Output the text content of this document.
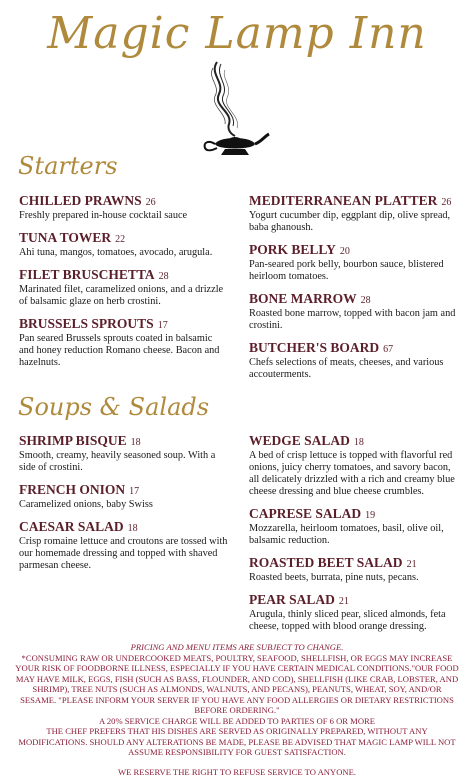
Magic Lamp Inn
Starters
CHILLED PRAWNS 26
Freshly prepared in-house cocktail sauce
TUNA TOWER 22
Ahi tuna, mangos, tomatoes, avocado, arugula.
FILET BRUSCHETTA 28
Marinated filet, caramelized onions, and a drizzle of balsamic glaze on herb crostini.
BRUSSELS SPROUTS 17
Pan seared Brussels sprouts coated in balsamic and honey reduction Romano cheese. Bacon and hazelnuts.
MEDITERRANEAN PLATTER 26
Yogurt cucumber dip, eggplant dip, olive spread, baba ghanoush.
PORK BELLY 20
Pan-seared pork belly, bourbon sauce, blistered heirloom tomatoes.
BONE MARROW 28
Roasted bone marrow, topped with bacon jam and crostini.
BUTCHER'S BOARD 67
Chefs selections of meats, cheeses, and various accouterments.
Soups & Salads
SHRIMP BISQUE 18
Smooth, creamy, heavily seasoned soup. With a side of crostini.
FRENCH ONION 17
Caramelized onions, baby Swiss
CAESAR SALAD 18
Crisp romaine lettuce and croutons are tossed with our homemade dressing and topped with shaved parmesan cheese.
WEDGE SALAD 18
A bed of crisp lettuce is topped with flavorful red onions, juicy cherry tomatoes, and savory bacon, all delicately drizzled with a rich and creamy blue cheese dressing and blue cheese crumbles.
CAPRESE SALAD 19
Mozzarella, heirloom tomatoes, basil, olive oil, balsamic reduction.
ROASTED BEET SALAD 21
Roasted beets, burrata, pine nuts, pecans.
PEAR SALAD 21
Arugula, thinly sliced pear, sliced almonds, feta cheese, topped with blood orange dressing.

PRICING AND MENU ITEMS ARE SUBJECT TO CHANGE.

*CONSUMING RAW OR UNDERCOOKED MEATS, POULTRY, SEAFOOD, SHELLFISH, OR EGGS MAY INCREASE YOUR RISK OF FOODBORNE ILLNESS, ESPECIALLY IF YOU HAVE CERTAIN MEDICAL CONDITIONS."OUR FOOD MAY HAVE MILK, EGGS, FISH (SUCH AS BASS, FLOUNDER, AND COD), SHELLFISH (LIKE CRAB, LOBSTER, AND SHRIMP), TREE NUTS (SUCH AS ALMONDS, WALNUTS, AND PECANS), PEANUTS, WHEAT, SOY, AND/OR SESAME. "PLEASE INFORM YOUR SERVER IF YOU HAVE ANY FOOD ALLERGIES OR DIETARY RESTRICTIONS BEFORE ORDERING."

A 20% SERVICE CHARGE WILL BE ADDED TO PARTIES OF 6 OR MORE

THE CHEF PREFERS THAT HIS DISHES ARE SERVED AS ORIGINALLY PREPARED, WITHOUT ANY MODIFICATIONS. SHOULD ANY ALTERATIONS BE MADE, PLEASE BE ADVISED THAT MAGIC LAMP WILL NOT ASSUME RESPONSIBILITY FOR GUEST SATISFACTION.

WE RESERVE THE RIGHT TO REFUSE SERVICE TO ANYONE.
